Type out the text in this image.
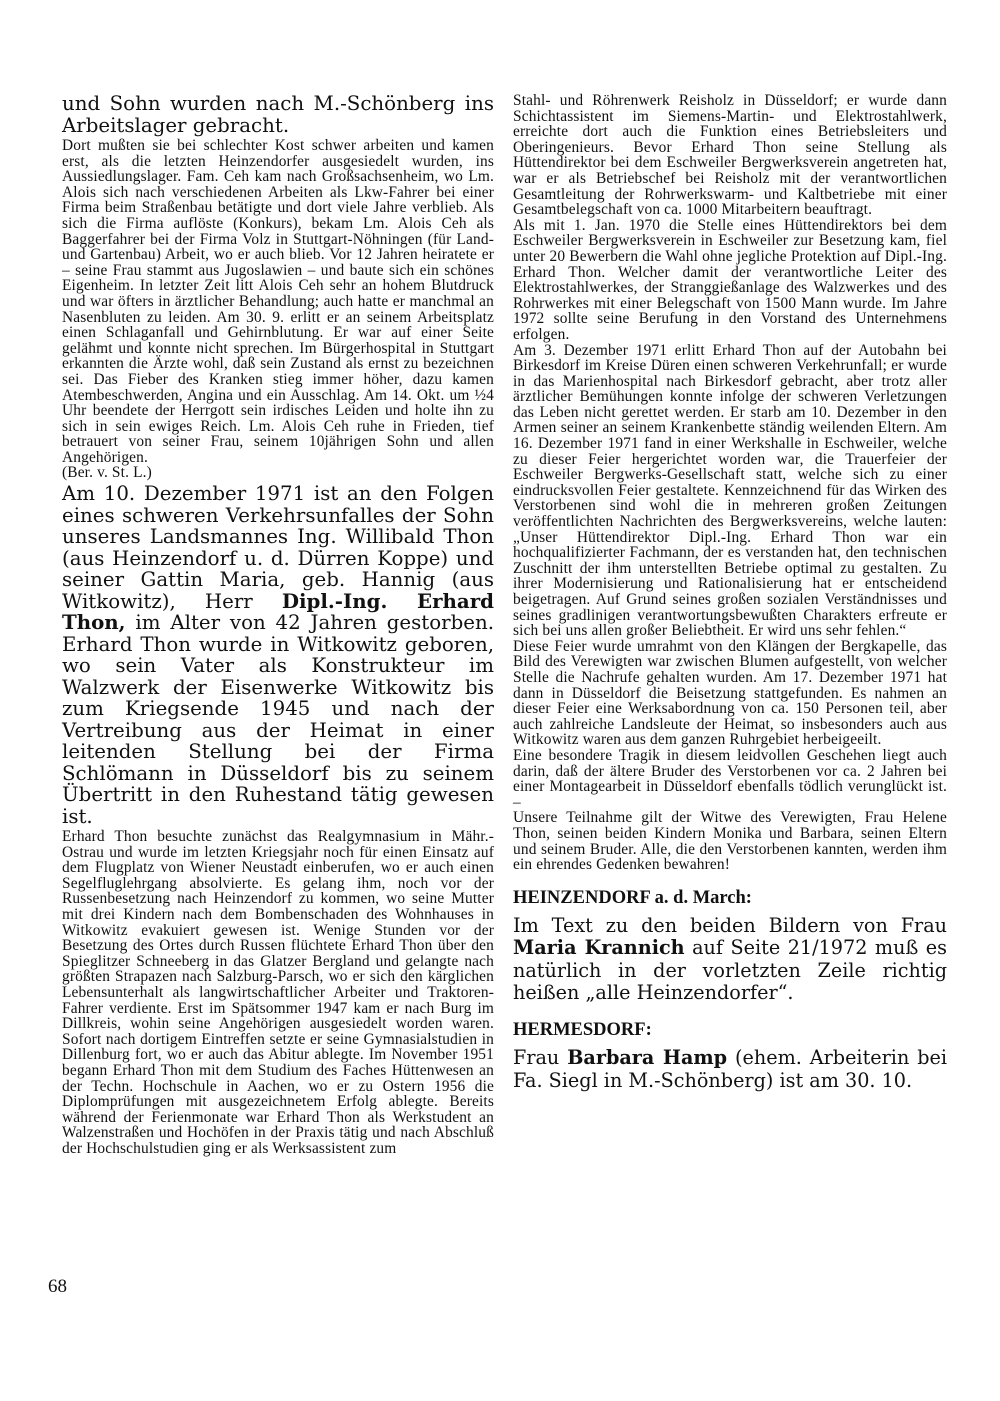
und Sohn wurden nach M.-Schönberg ins Arbeitslager gebracht.

Dort mußten sie bei schlechter Kost schwer arbeiten und kamen erst, als die letzten Heinzendorfer ausgesiedelt wurden, ins Aussiedlungslager. Fam. Ceh kam nach Großsachsenheim, wo Lm. Alois sich nach verschiedenen Arbeiten als Lkw-Fahrer bei einer Firma beim Straßenbau betätigte und dort viele Jahre verblieb. Als sich die Firma auflöste (Konkurs), bekam Lm. Alois Ceh als Baggerfahrer bei der Firma Volz in Stuttgart-Nöhningen (für Land- und Gartenbau) Arbeit, wo er auch blieb. Vor 12 Jahren heiratete er – seine Frau stammt aus Jugoslawien – und baute sich ein schönes Eigenheim. In letzter Zeit litt Alois Ceh sehr an hohem Blutdruck und war öfters in ärztlicher Behandlung; auch hatte er manchmal an Nasenbluten zu leiden. Am 30. 9. erlitt er an seinem Arbeitsplatz einen Schlaganfall und Gehirnblutung. Er war auf einer Seite gelähmt und konnte nicht sprechen. Im Bürgerhospital in Stuttgart erkannten die Ärzte wohl, daß sein Zustand als ernst zu bezeichnen sei. Das Fieber des Kranken stieg immer höher, dazu kamen Atembeschwerden, Angina und ein Ausschlag. Am 14. Okt. um ½4 Uhr beendete der Herrgott sein irdisches Leiden und holte ihn zu sich in sein ewiges Reich. Lm. Alois Ceh ruhe in Frieden, tief betrauert von seiner Frau, seinem 10jährigen Sohn und allen Angehörigen.

(Ber. v. St. L.)

Am 10. Dezember 1971 ist an den Folgen eines schweren Verkehrsunfalles der Sohn unseres Landsmannes Ing. Willibald Thon (aus Heinzendorf u. d. Dürren Koppe) und seiner Gattin Maria, geb. Hannig (aus Witkowitz), Herr Dipl.-Ing. Erhard Thon, im Alter von 42 Jahren gestorben. Erhard Thon wurde in Witkowitz geboren, wo sein Vater als Konstrukteur im Walzwerk der Eisenwerke Witkowitz bis zum Kriegsende 1945 und nach der Vertreibung aus der Heimat in einer leitenden Stellung bei der Firma Schlömann in Düsseldorf bis zu seinem Übertritt in den Ruhestand tätig gewesen ist.

Erhard Thon besuchte zunächst das Realgymnasium in Mähr.-Ostrau und wurde im letzten Kriegsjahr noch für einen Einsatz auf dem Flugplatz von Wiener Neustadt einberufen, wo er auch einen Segelfluglehrgang absolvierte. Es gelang ihm, noch vor der Russenbesetzung nach Heinzendorf zu kommen, wo seine Mutter mit drei Kindern nach dem Bombenschaden des Wohnhauses in Witkowitz evakuiert gewesen ist. Wenige Stunden vor der Besetzung des Ortes durch Russen flüchtete Erhard Thon über den Spieglitzer Schneeberg in das Glatzer Bergland und gelangte nach größten Strapazen nach Salzburg-Parsch, wo er sich den kärglichen Lebensunterhalt als langwirtschaftlicher Arbeiter und Traktoren-Fahrer verdiente. Erst im Spätsommer 1947 kam er nach Burg im Dillkreis, wohin seine Angehörigen ausgesiedelt worden waren. Sofort nach dortigem Eintreffen setzte er seine Gymnasialstudien in Dillenburg fort, wo er auch das Abitur ablegte. Im November 1951 begann Erhard Thon mit dem Studium des Faches Hüttenwesen an der Techn. Hochschule in Aachen, wo er zu Ostern 1956 die Diplomprüfungen mit ausgezeichnetem Erfolg ablegte. Bereits während der Ferienmonate war Erhard Thon als Werkstudent an Walzenstraßen und Hochöfen in der Praxis tätig und nach Abschluß der Hochschulstudien ging er als Werksassistent zum

Stahl- und Röhrenwerk Reisholz in Düsseldorf; er wurde dann Schichtassistent im Siemens-Martin- und Elektrostahlwerk, erreichte dort auch die Funktion eines Betriebsleiters und Oberingenieurs. Bevor Erhard Thon seine Stellung als Hüttendirektor bei dem Eschweiler Bergwerksverein angetreten hat, war er als Betriebschef bei Reisholz mit der verantwortlichen Gesamtleitung der Rohrwerkswarm- und Kaltbetriebe mit einer Gesamtbelegschaft von ca. 1000 Mitarbeitern beauftragt.

Als mit 1. Jan. 1970 die Stelle eines Hüttendirektors bei dem Eschweiler Bergwerksverein in Eschweiler zur Besetzung kam, fiel unter 20 Bewerbern die Wahl ohne jegliche Protektion auf Dipl.-Ing. Erhard Thon. Welcher damit der verantwortliche Leiter des Elektrostahlwerkes, der Stranggießanlage des Walzwerkes und des Rohrwerkes mit einer Belegschaft von 1500 Mann wurde. Im Jahre 1972 sollte seine Berufung in den Vorstand des Unternehmens erfolgen.

Am 3. Dezember 1971 erlitt Erhard Thon auf der Autobahn bei Birkesdorf im Kreise Düren einen schweren Verkehrunfall; er wurde in das Marienhospital nach Birkesdorf gebracht, aber trotz aller ärztlicher Bemühungen konnte infolge der schweren Verletzungen das Leben nicht gerettet werden. Er starb am 10. Dezember in den Armen seiner an seinem Krankenbette ständig weilenden Eltern. Am 16. Dezember 1971 fand in einer Werkshalle in Eschweiler, welche zu dieser Feier hergerichtet worden war, die Trauerfeier der Eschweiler Bergwerks-Gesellschaft statt, welche sich zu einer eindrucksvollen Feier gestaltete. Kennzeichnend für das Wirken des Verstorbenen sind wohl die in mehreren großen Zeitungen veröffentlichten Nachrichten des Bergwerksvereins, welche lauten: „Unser Hüttendirektor Dipl.-Ing. Erhard Thon war ein hochqualifizierter Fachmann, der es verstanden hat, den technischen Zuschnitt der ihm unterstellten Betriebe optimal zu gestalten. Zu ihrer Modernisierung und Rationalisierung hat er entscheidend beigetragen. Auf Grund seines großen sozialen Verständnisses und seines gradlinigen verantwortungsbewußten Charakters erfreute er sich bei uns allen großer Beliebtheit. Er wird uns sehr fehlen.“

Diese Feier wurde umrahmt von den Klängen der Bergkapelle, das Bild des Verewigten war zwischen Blumen aufgestellt, von welcher Stelle die Nachrufe gehalten wurden. Am 17. Dezember 1971 hat dann in Düsseldorf die Beisetzung stattgefunden. Es nahmen an dieser Feier eine Werksabordnung von ca. 150 Personen teil, aber auch zahlreiche Landsleute der Heimat, so insbesonders auch aus Witkowitz waren aus dem ganzen Ruhrgebiet herbeigeeilt.

Eine besondere Tragik in diesem leidvollen Geschehen liegt auch darin, daß der ältere Bruder des Verstorbenen vor ca. 2 Jahren bei einer Montagearbeit in Düsseldorf ebenfalls tödlich verunglückt ist. –

Unsere Teilnahme gilt der Witwe des Verewigten, Frau Helene Thon, seinen beiden Kindern Monika und Barbara, seinen Eltern und seinem Bruder. Alle, die den Verstorbenen kannten, werden ihm ein ehrendes Gedenken bewahren!

HEINZENDORF a. d. March:

Im Text zu den beiden Bildern von Frau Maria Krannich auf Seite 21/1972 muß es natürlich in der vorletzten Zeile richtig heißen „alle Heinzendorfer“.

HERMESDORF:

Frau Barbara Hamp (ehem. Arbeiterin bei Fa. Siegl in M.-Schönberg) ist am 30. 10.

68
